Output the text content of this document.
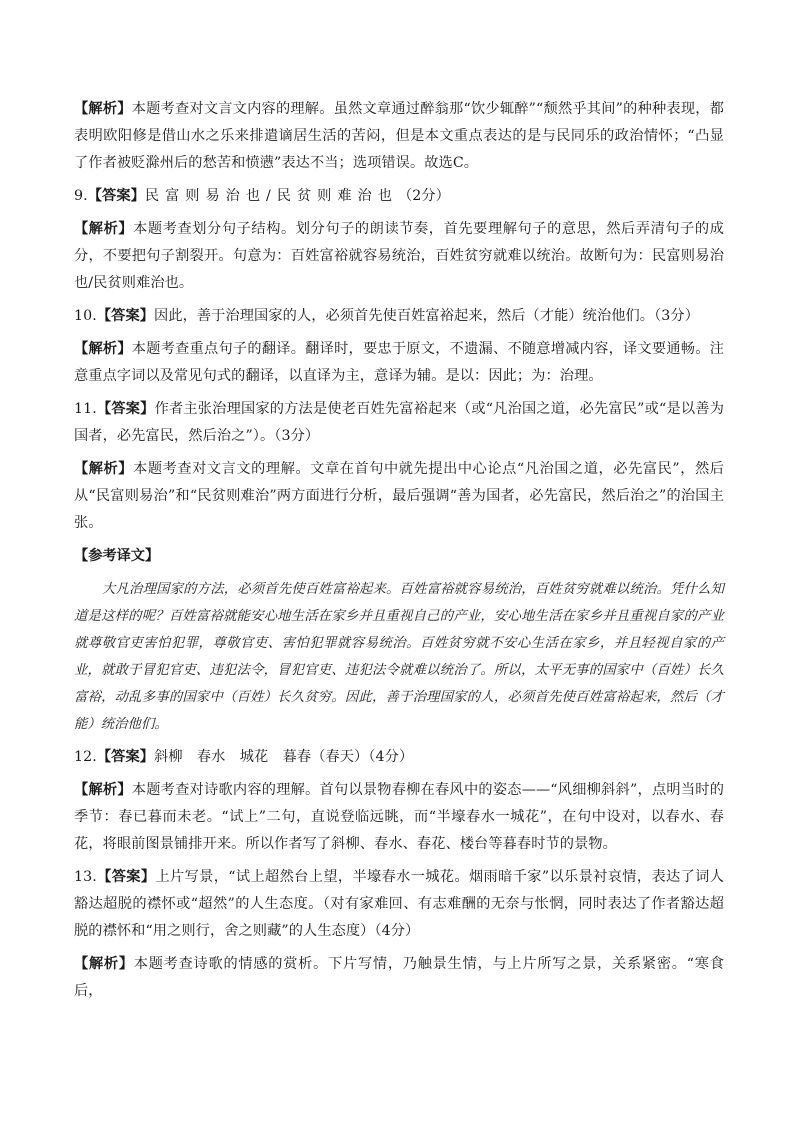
【解析】本题考查对文言文内容的理解。虽然文章通过醉翁那“饮少辄醉”“颓然乎其间”的种种表现，都表明欧阳修是借山水之乐来排遣谪居生活的苦闷，但是本文重点表达的是与民同乐的政治情怀；“凸显了作者被贬滁州后的愁苦和愤懑”表达不当；选项错误。故选C。

9.【答案】民富则易治也/民贫则难治也（2分）

【解析】本题考查划分句子结构。划分句子的朗读节奏，首先要理解句子的意思，然后弄清句子的成分，不要把句子割裂开。句意为：百姓富裕就容易统治，百姓贫穷就难以统治。故断句为：民富则易治也/民贫则难治也。

10.【答案】因此，善于治理国家的人，必须首先使百姓富裕起来，然后（才能）统治他们。（3分）

【解析】本题考查重点句子的翻译。翻译时，要忠于原文，不遗漏、不随意增减内容，译文要通畅。注意重点字词以及常见句式的翻译，以直译为主，意译为辅。是以：因此；为：治理。

11.【答案】作者主张治理国家的方法是使老百姓先富裕起来（或“凡治国之道，必先富民”或“是以善为国者，必先富民，然后治之”）。（3分）

【解析】本题考查对文言文的理解。文章在首句中就先提出中心论点“凡治国之道，必先富民”，然后从“民富则易治”和“民贫则难治”两方面进行分析，最后强调“善为国者，必先富民，然后治之”的治国主张。

【参考译文】

大凡治理国家的方法，必须首先使百姓富裕起来。百姓富裕就容易统治，百姓贫穷就难以统治。凭什么知道是这样的呢？百姓富裕就能安心地生活在家乡并且重视自己的产业，安心地生活在家乡并且重视自家的产业就尊敬官吏害怕犯罪，尊敬官吏、害怕犯罪就容易统治。百姓贫穷就不安心生活在家乡，并且轻视自家的产业，就敢于冒犯官吏、违犯法令，冒犯官吏、违犯法令就难以统治了。所以，太平无事的国家中（百姓）长久富裕，动乱多事的国家中（百姓）长久贫穷。因此，善于治理国家的人，必须首先使百姓富裕起来，然后（才能）统治他们。

12.【答案】斜柳　春水　城花　暮春（春天）（4分）

【解析】本题考查对诗歌内容的理解。首句以景物春柳在春风中的姿态——“风细柳斜斜”，点明当时的季节：春已暮而未老。“试上”二句，直说登临远眺，而“半壕春水一城花”，在句中设对，以春水、春花，将眼前图景铺排开来。所以作者写了斜柳、春水、春花、楼台等暮春时节的景物。

13.【答案】上片写景，“试上超然台上望，半壕春水一城花。烟雨暗千家”以乐景衬哀情，表达了词人豁达超脱的襟怀或“超然”的人生态度。（对有家难回、有志难酬的无奈与怅惘，同时表达了作者豁达超脱的襟怀和“用之则行，舍之则藏”的人生态度）（4分）

【解析】本题考查诗歌的情感的赏析。下片写情，乃触景生情，与上片所写之景，关系紧密。“寒食后，
